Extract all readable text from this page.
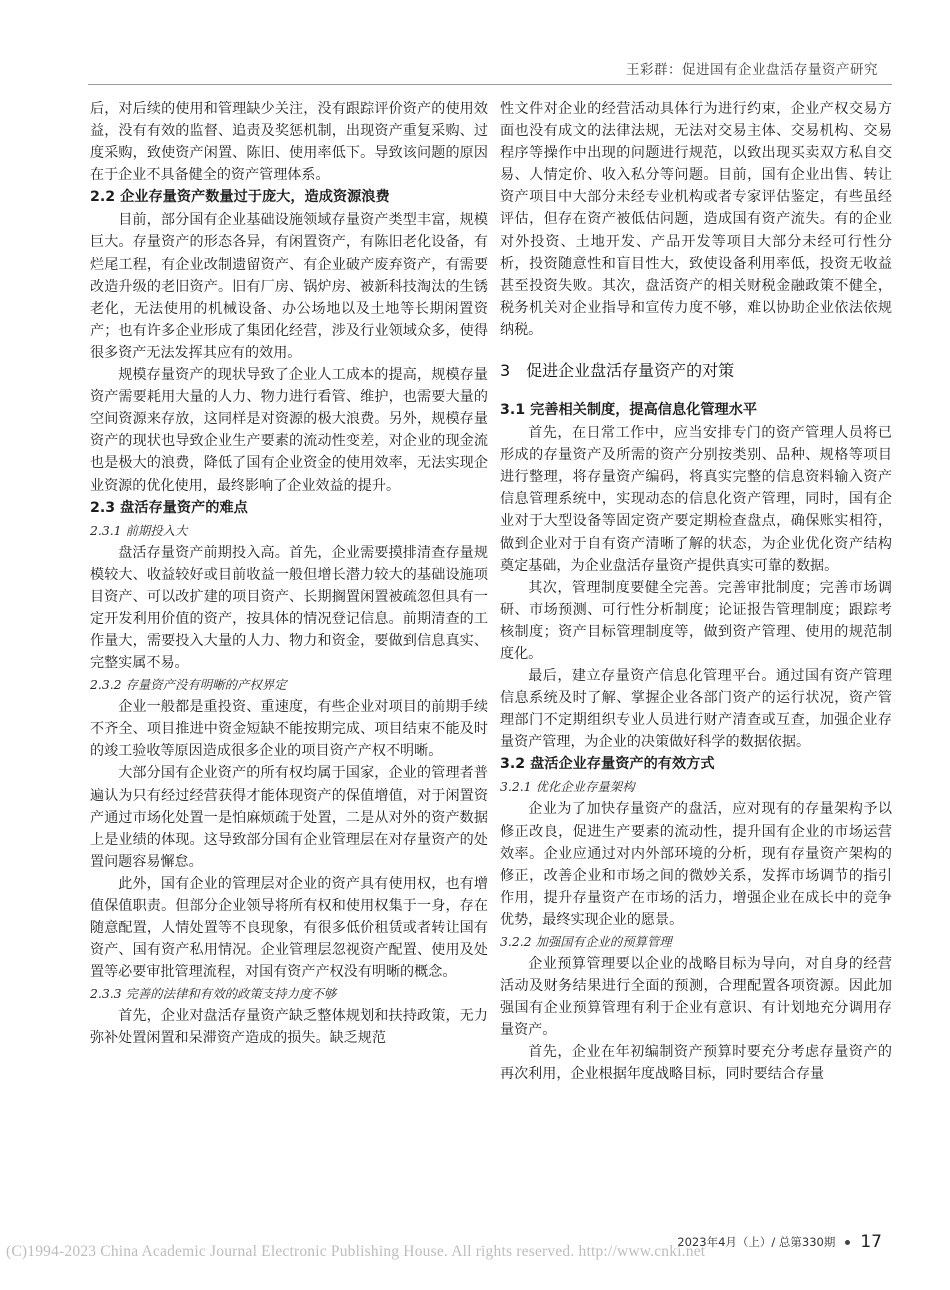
王彩群：促进国有企业盘活存量资产研究

后，对后续的使用和管理缺少关注，没有跟踪评价资产的使用效益，没有有效的监督、追责及奖惩机制，出现资产重复采购、过度采购，致使资产闲置、陈旧、使用率低下。导致该问题的原因在于企业不具备健全的资产管理体系。

2.2 企业存量资产数量过于庞大，造成资源浪费

目前，部分国有企业基础设施领域存量资产类型丰富，规模巨大。存量资产的形态各异，有闲置资产，有陈旧老化设备，有烂尾工程，有企业改制遗留资产、有企业破产废弃资产，有需要改造升级的老旧资产。旧有厂房、锅炉房、被新科技淘汰的生锈老化，无法使用的机械设备、办公场地以及土地等长期闲置资产；也有许多企业形成了集团化经营，涉及行业领域众多，使得很多资产无法发挥其应有的效用。

规模存量资产的现状导致了企业人工成本的提高，规模存量资产需要耗用大量的人力、物力进行看管、维护，也需要大量的空间资源来存放，这同样是对资源的极大浪费。另外，规模存量资产的现状也导致企业生产要素的流动性变差，对企业的现金流也是极大的浪费，降低了国有企业资金的使用效率，无法实现企业资源的优化使用，最终影响了企业效益的提升。

2.3 盘活存量资产的难点

2.3.1 前期投入大

盘活存量资产前期投入高。首先，企业需要摸排清查存量规模较大、收益较好或目前收益一般但增长潜力较大的基础设施项目资产、可以改扩建的项目资产、长期搁置闲置被疏忽但具有一定开发利用价值的资产，按具体的情况登记信息。前期清查的工作量大，需要投入大量的人力、物力和资金，要做到信息真实、完整实属不易。

2.3.2 存量资产没有明晰的产权界定

企业一般都是重投资、重速度，有些企业对项目的前期手续不齐全、项目推进中资金短缺不能按期完成、项目结束不能及时的竣工验收等原因造成很多企业的项目资产产权不明晰。

大部分国有企业资产的所有权均属于国家，企业的管理者普遍认为只有经过经营获得才能体现资产的保值增值，对于闲置资产通过市场化处置一是怕麻烦疏于处置，二是从对外的资产数据上是业绩的体现。这导致部分国有企业管理层在对存量资产的处置问题容易懈怠。

此外，国有企业的管理层对企业的资产具有使用权，也有增值保值职责。但部分企业领导将所有权和使用权集于一身，存在随意配置，人情处置等不良现象，有很多低价租赁或者转让国有资产、国有资产私用情况。企业管理层忽视资产配置、使用及处置等必要审批管理流程，对国有资产产权没有明晰的概念。

2.3.3 完善的法律和有效的政策支持力度不够

首先，企业对盘活存量资产缺乏整体规划和扶持政策，无力弥补处置闲置和呆滞资产造成的损失。缺乏规范

性文件对企业的经营活动具体行为进行约束，企业产权交易方面也没有成文的法律法规，无法对交易主体、交易机构、交易程序等操作中出现的问题进行规范，以致出现买卖双方私自交易、人情定价、收入私分等问题。目前，国有企业出售、转让资产项目中大部分未经专业机构或者专家评估鉴定，有些虽经评估，但存在资产被低估问题，造成国有资产流失。有的企业对外投资、土地开发、产品开发等项目大部分未经可行性分析，投资随意性和盲目性大，致使设备利用率低，投资无收益甚至投资失败。其次，盘活资产的相关财税金融政策不健全，税务机关对企业指导和宣传力度不够，难以协助企业依法依规纳税。

3　促进企业盘活存量资产的对策

3.1 完善相关制度，提高信息化管理水平

首先，在日常工作中，应当安排专门的资产管理人员将已形成的存量资产及所需的资产分别按类别、品种、规格等项目进行整理，将存量资产编码，将真实完整的信息资料输入资产信息管理系统中，实现动态的信息化资产管理，同时，国有企业对于大型设备等固定资产要定期检查盘点，确保账实相符，做到企业对于自有资产清晰了解的状态，为企业优化资产结构奠定基础，为企业盘活存量资产提供真实可靠的数据。

其次，管理制度要健全完善。完善审批制度；完善市场调研、市场预测、可行性分析制度；论证报告管理制度；跟踪考核制度；资产目标管理制度等，做到资产管理、使用的规范制度化。

最后，建立存量资产信息化管理平台。通过国有资产管理信息系统及时了解、掌握企业各部门资产的运行状况，资产管理部门不定期组织专业人员进行财产清查或互查，加强企业存量资产管理，为企业的决策做好科学的数据依据。

3.2 盘活企业存量资产的有效方式

3.2.1 优化企业存量架构

企业为了加快存量资产的盘活，应对现有的存量架构予以修正改良，促进生产要素的流动性，提升国有企业的市场运营效率。企业应通过对内外部环境的分析，现有存量资产架构的修正，改善企业和市场之间的微妙关系，发挥市场调节的指引作用，提升存量资产在市场的活力，增强企业在成长中的竞争优势，最终实现企业的愿景。

3.2.2 加强国有企业的预算管理

企业预算管理要以企业的战略目标为导向，对自身的经营活动及财务结果进行全面的预测，合理配置各项资源。因此加强国有企业预算管理有利于企业有意识、有计划地充分调用存量资产。

首先，企业在年初编制资产预算时要充分考虑存量资产的再次利用，企业根据年度战略目标，同时要结合存量

2023年4月（上）/ 总第330期 17
(C)1994-2023 China Academic Journal Electronic Publishing House. All rights reserved. http://www.cnki.net
